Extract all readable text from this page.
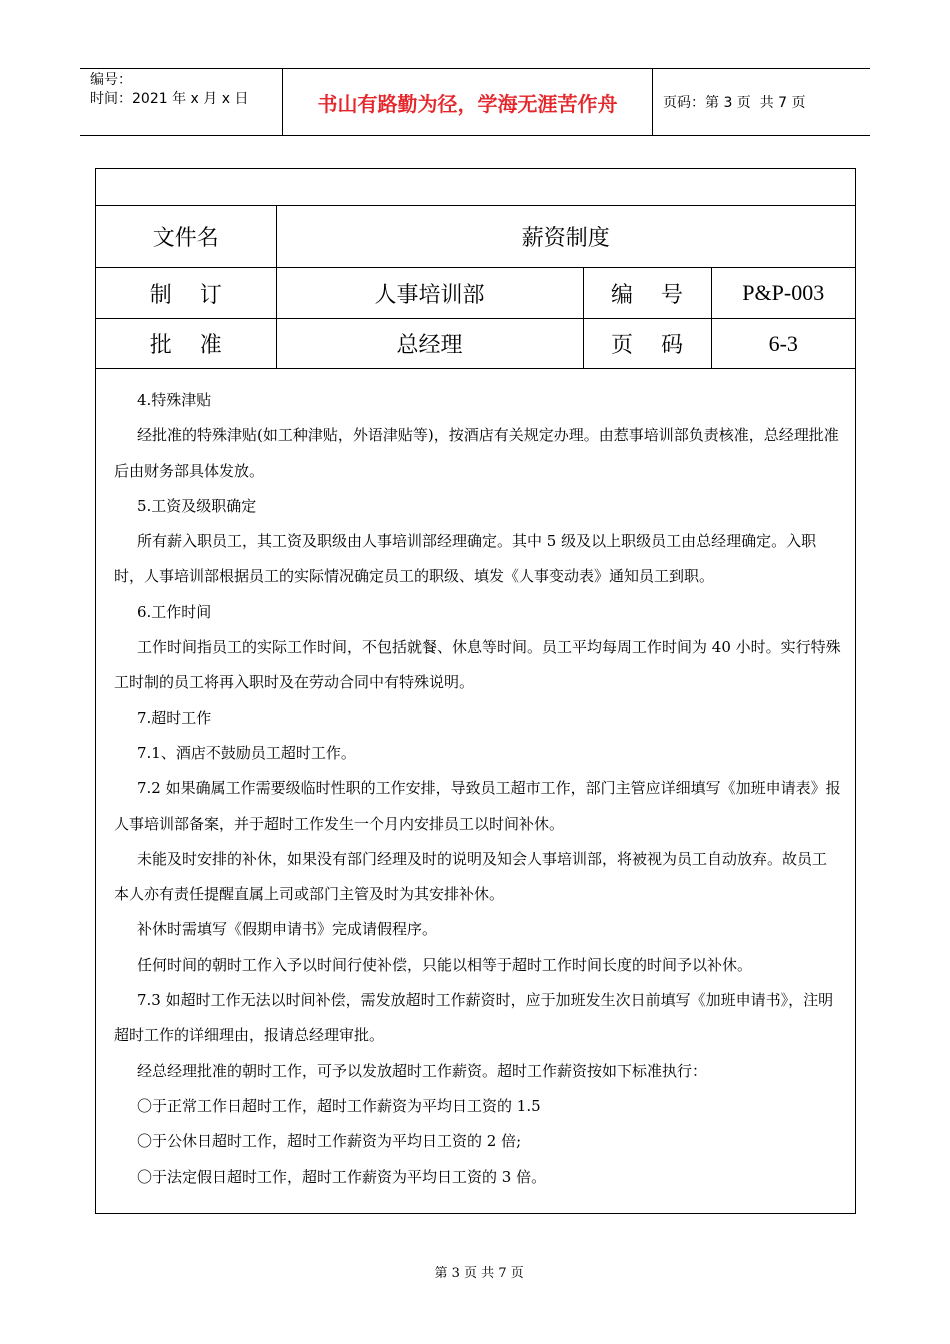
编号：
时间：2021 年 x 月 x 日	书山有路勤为径，学海无涯苦作舟	页码：第 3 页  共 7 页
文件名	薪资制度		
制    订	人事培训部	编    号	P&P-003
批    准	总经理	页    码	6-3

4.特殊津贴

经批准的特殊津贴(如工种津贴，外语津贴等)，按酒店有关规定办理。由惹事培训部负责核准，总经理批准后由财务部具体发放。

5.工资及级职确定

所有薪入职员工，其工资及职级由人事培训部经理确定。其中 5 级及以上职级员工由总经理确定。入职时，人事培训部根据员工的实际情况确定员工的职级、填发《人事变动表》通知员工到职。

6.工作时间

工作时间指员工的实际工作时间，不包括就餐、休息等时间。员工平均每周工作时间为 40 小时。实行特殊工时制的员工将再入职时及在劳动合同中有特殊说明。

7.超时工作

7.1、酒店不鼓励员工超时工作。

7.2 如果确属工作需要级临时性职的工作安排，导致员工超市工作，部门主管应详细填写《加班申请表》报人事培训部备案，并于超时工作发生一个月内安排员工以时间补休。

未能及时安排的补休，如果没有部门经理及时的说明及知会人事培训部，将被视为员工自动放弃。故员工本人亦有责任提醒直属上司或部门主管及时为其安排补休。

补休时需填写《假期申请书》完成请假程序。

任何时间的朝时工作入予以时间行使补偿，只能以相等于超时工作时间长度的时间予以补休。

7.3 如超时工作无法以时间补偿，需发放超时工作薪资时，应于加班发生次日前填写《加班申请书》，注明超时工作的详细理由，报请总经理审批。

经总经理批准的朝时工作，可予以发放超时工作薪资。超时工作薪资按如下标准执行：

〇于正常工作日超时工作，超时工作薪资为平均日工资的 1.5

〇于公休日超时工作，超时工作薪资为平均日工资的 2 倍;

〇于法定假日超时工作，超时工作薪资为平均日工资的 3 倍。

第 3 页 共 7 页
